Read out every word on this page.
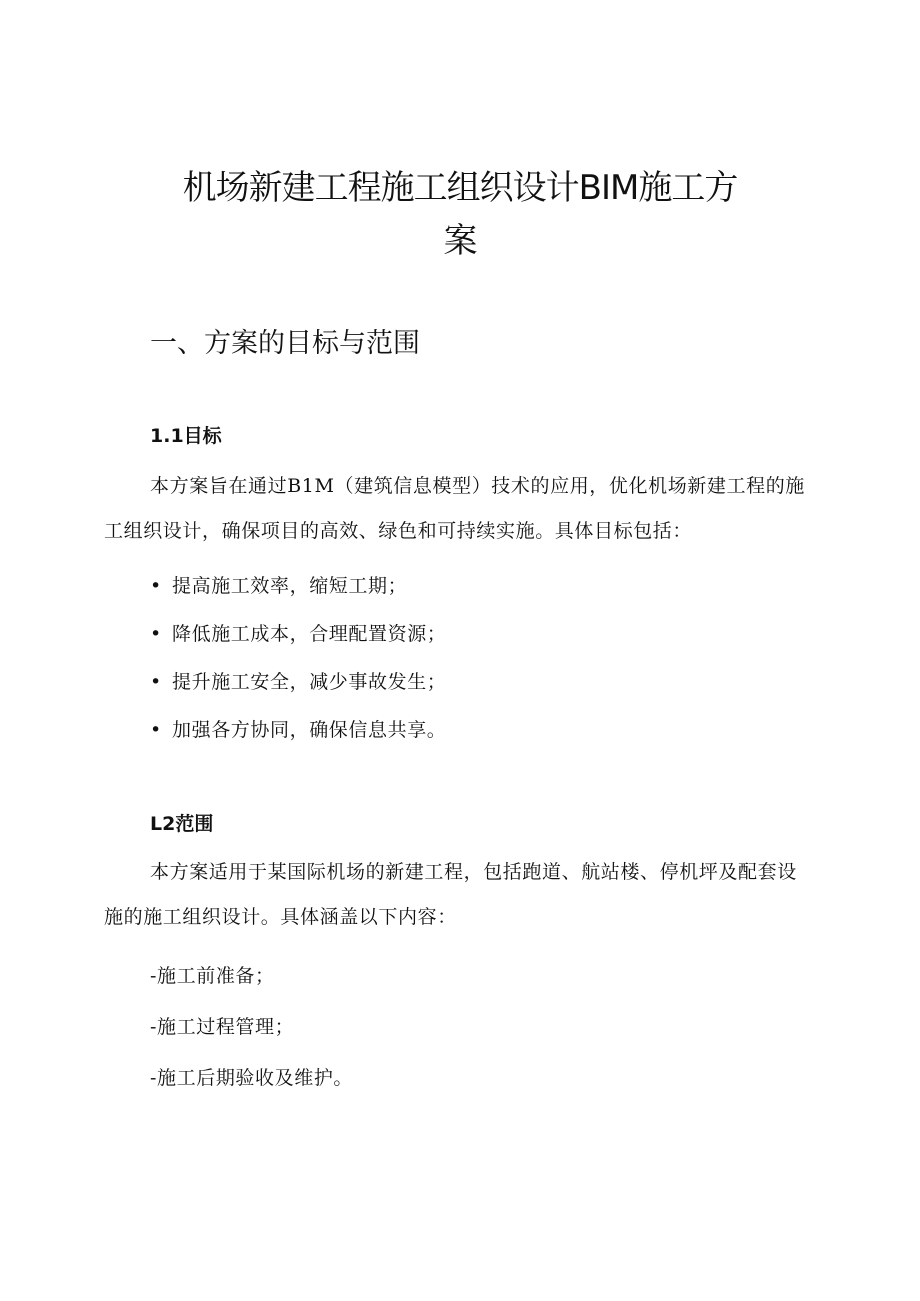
机场新建工程施工组织设计BIM施工方
案
一、方案的目标与范围
1.1目标

本方案旨在通过B1M（建筑信息模型）技术的应用，优化机场新建工程的施工组织设计，确保项目的高效、绿色和可持续实施。具体目标包括：

• 提高施工效率，缩短工期；
• 降低施工成本，合理配置资源；
• 提升施工安全，减少事故发生；
• 加强各方协同，确保信息共享。
L2范围

本方案适用于某国际机场的新建工程，包括跑道、航站楼、停机坪及配套设施的施工组织设计。具体涵盖以下内容：

-施工前准备；
-施工过程管理；
-施工后期验收及维护。
